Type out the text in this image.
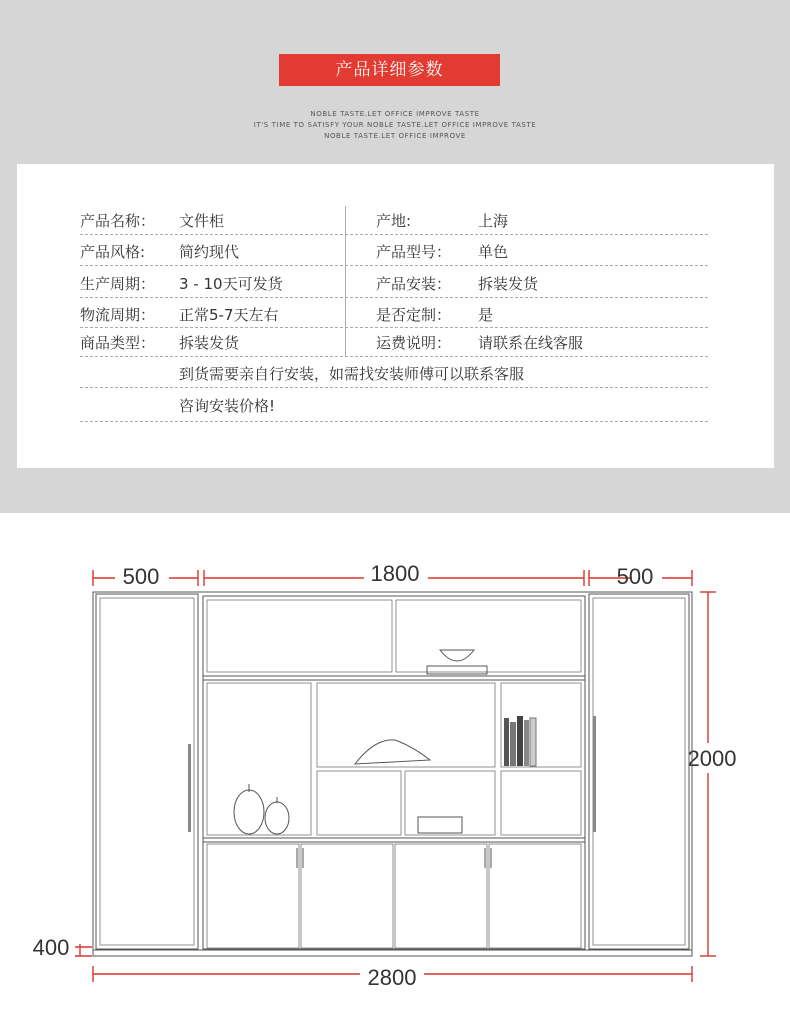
产品详细参数
NOBLE TASTE.LET OFFICE IMPROVE TASTE
IT'S TIME TO SATISFY YOUR NOBLE TASTE.LET OFFICE IMPROVE TASTE
NOBLE TASTE.LET OFFICE IMPROVE
产品名称： 文件柜	产地:	上海
产品风格: 简约现代	产品型号： 单色
生产周期： 3 - 10天可发货	产品安装： 拆装发货
物流周期： 正常5-7天左右	是否定制： 是
商品类型： 拆装发货	运费说明： 请联系在线客服
到货需要亲自行安装，如需找安装师傅可以联系客服
咨询安装价格!
500	1800	500
2000
400
2800
